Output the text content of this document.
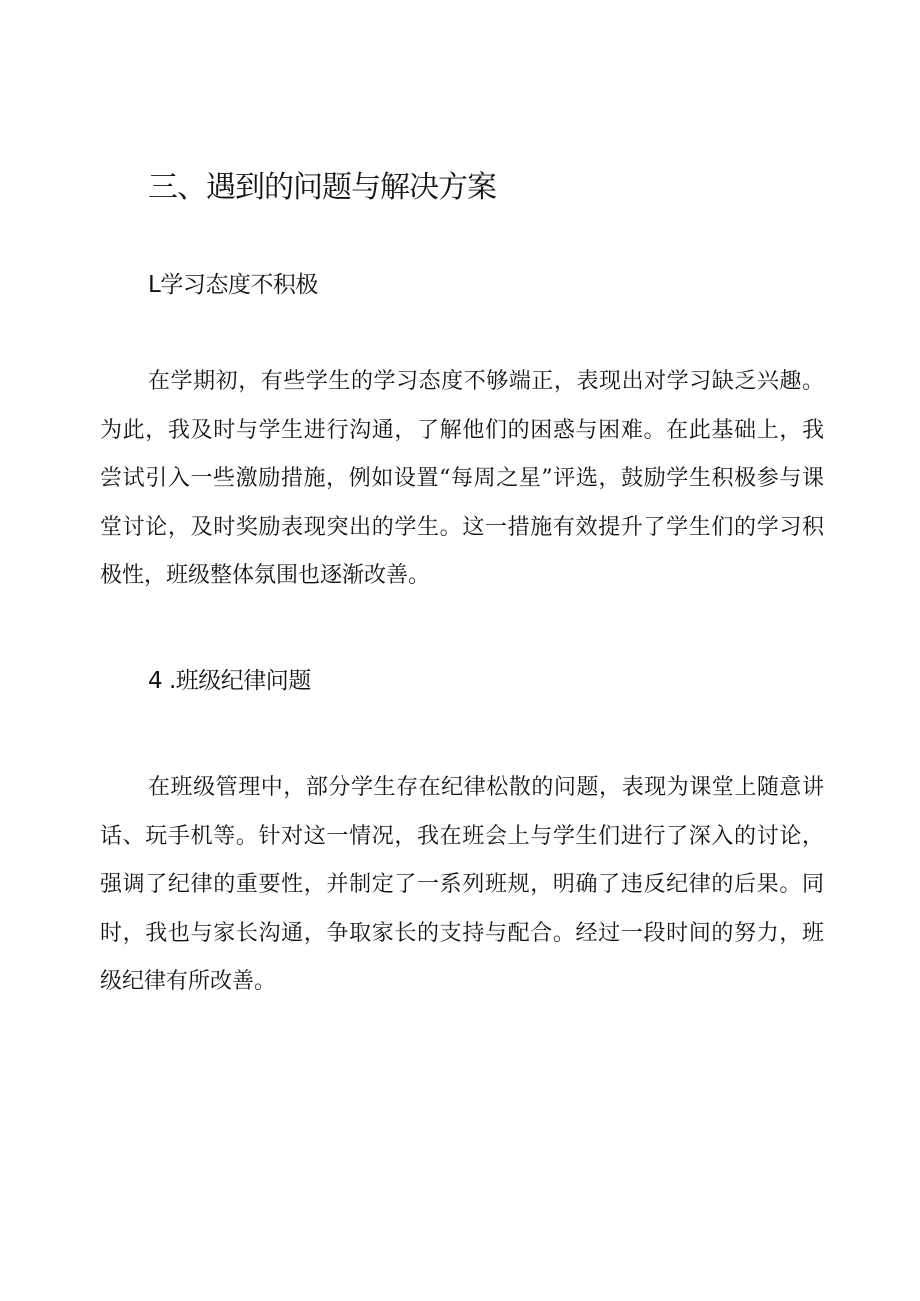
三、遇到的问题与解决方案
L学习态度不积极

在学期初，有些学生的学习态度不够端正，表现出对学习缺乏兴趣。为此，我及时与学生进行沟通，了解他们的困惑与困难。在此基础上，我尝试引入一些激励措施，例如设置“每周之星”评选，鼓励学生积极参与课堂讨论，及时奖励表现突出的学生。这一措施有效提升了学生们的学习积极性，班级整体氛围也逐渐改善。

4 .班级纪律问题

在班级管理中，部分学生存在纪律松散的问题，表现为课堂上随意讲话、玩手机等。针对这一情况，我在班会上与学生们进行了深入的讨论，强调了纪律的重要性，并制定了一系列班规，明确了违反纪律的后果。同时，我也与家长沟通，争取家长的支持与配合。经过一段时间的努力，班级纪律有所改善。
